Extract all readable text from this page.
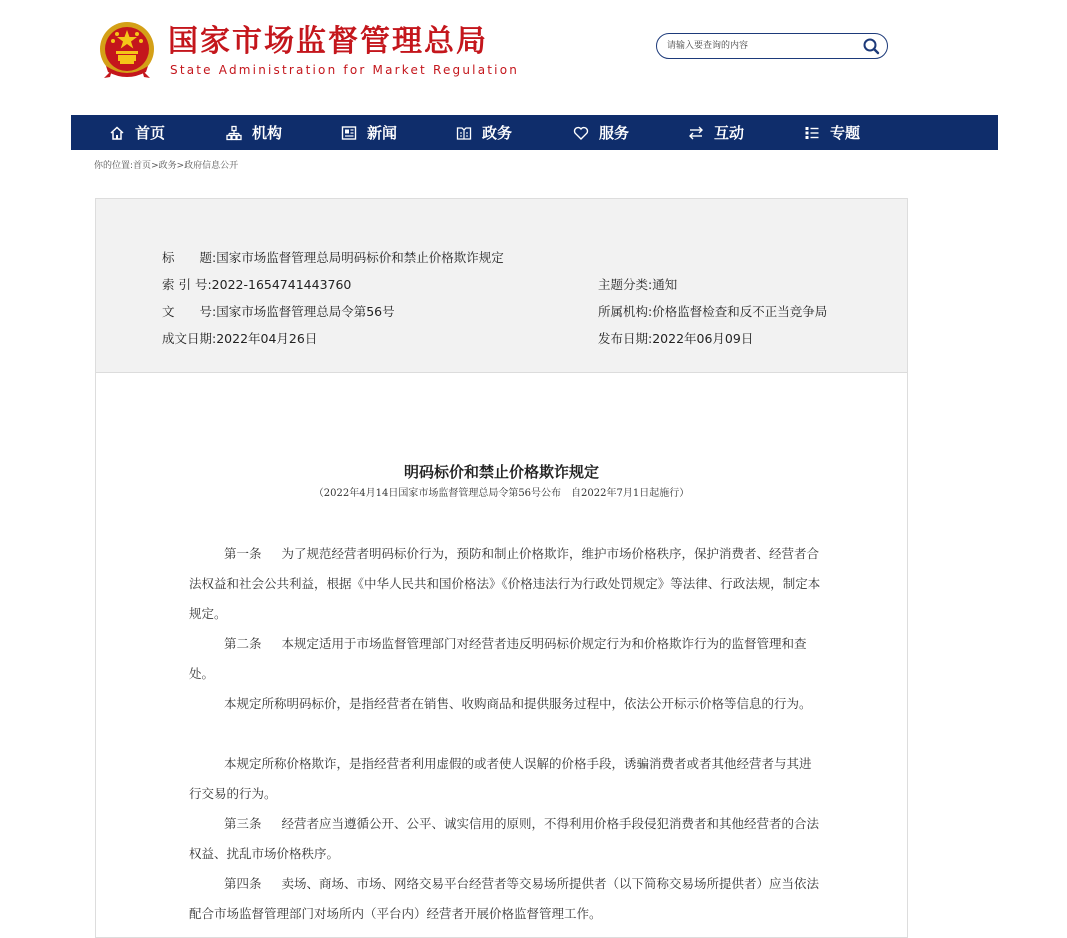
国家市场监督管理总局
State Administration for Market Regulation
请输入要查询的内容
首页	机构	新闻	政务	服务	互动	专题
你的位置:首页>政务>政府信息公开
标　　题:国家市场监督管理总局明码标价和禁止价格欺诈规定
索 引 号:2022-1654741443760	主题分类:通知
文　　号:国家市场监督管理总局令第56号	所属机构:价格监督检查和反不正当竞争局
成文日期:2022年04月26日	发布日期:2022年06月09日
明码标价和禁止价格欺诈规定
（2022年4月14日国家市场监督管理总局令第56号公布　自2022年7月1日起施行）

第一条 为了规范经营者明码标价行为，预防和制止价格欺诈，维护市场价格秩序，保护消费者、经营者合法权益和社会公共利益，根据《中华人民共和国价格法》《价格违法行为行政处罚规定》等法律、行政法规，制定本规定。

第二条 本规定适用于市场监督管理部门对经营者违反明码标价规定行为和价格欺诈行为的监督管理和查处。

本规定所称明码标价，是指经营者在销售、收购商品和提供服务过程中，依法公开标示价格等信息的行为。

本规定所称价格欺诈，是指经营者利用虚假的或者使人误解的价格手段，诱骗消费者或者其他经营者与其进行交易的行为。

第三条 经营者应当遵循公开、公平、诚实信用的原则，不得利用价格手段侵犯消费者和其他经营者的合法权益、扰乱市场价格秩序。

第四条 卖场、商场、市场、网络交易平台经营者等交易场所提供者（以下简称交易场所提供者）应当依法配合市场监督管理部门对场所内（平台内）经营者开展价格监督管理工作。
